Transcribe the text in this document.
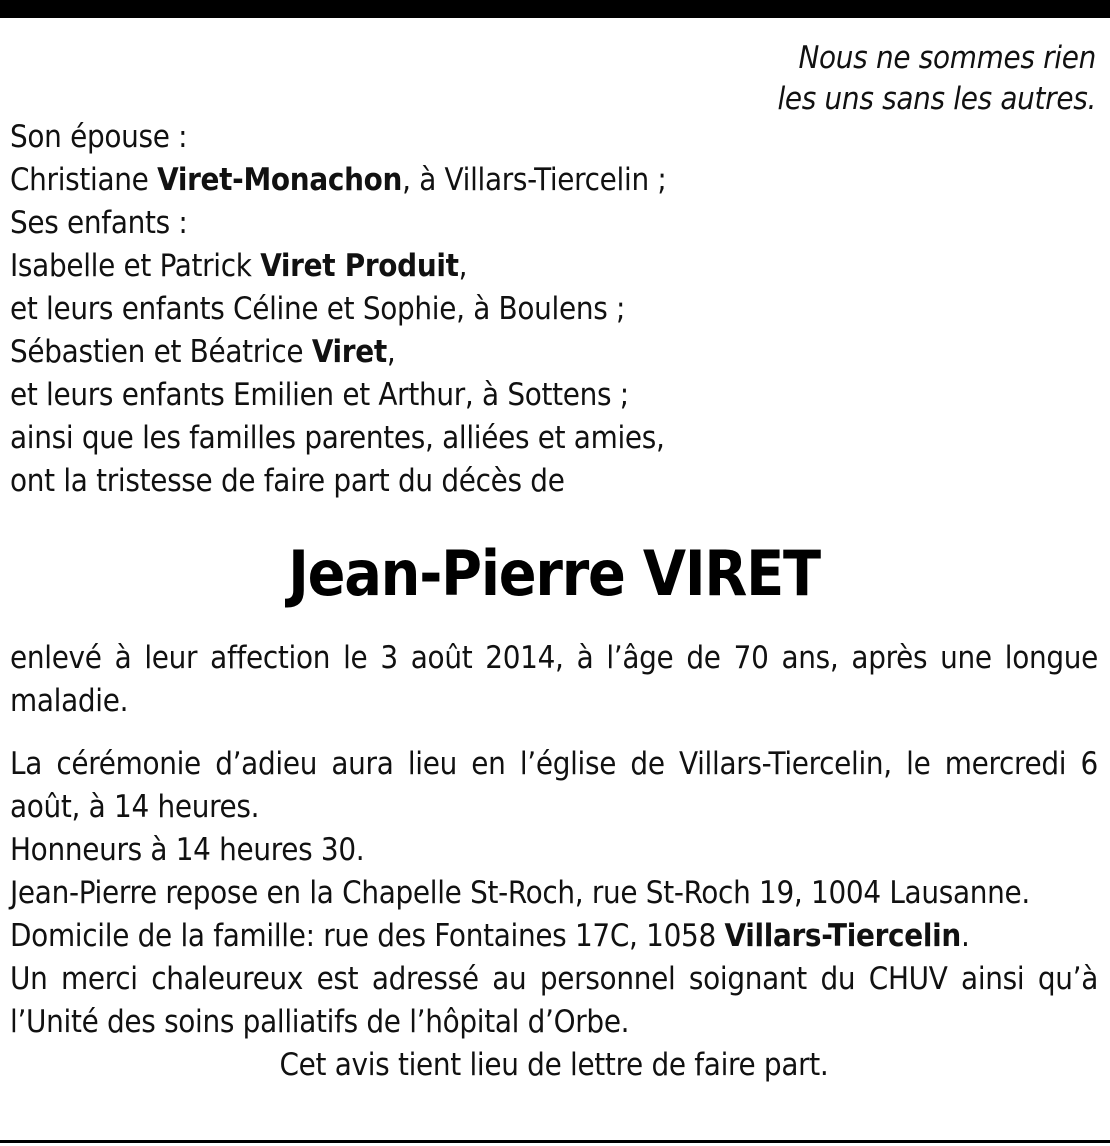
Nous ne sommes rien
les uns sans les autres.
Son épouse :
Christiane Viret-Monachon, à Villars-Tiercelin ;
Ses enfants :
Isabelle et Patrick Viret Produit,
et leurs enfants Céline et Sophie, à Boulens ;
Sébastien et Béatrice Viret,
et leurs enfants Emilien et Arthur, à Sottens ;
ainsi que les familles parentes, alliées et amies,
ont la tristesse de faire part du décès de
Jean-Pierre VIRET
enlevé à leur affection le 3 août 2014, à l’âge de 70 ans, après une longue maladie.
La cérémonie d’adieu aura lieu en l’église de Villars-Tiercelin, le mercredi 6 août, à 14 heures.
Honneurs à 14 heures 30.
Jean-Pierre repose en la Chapelle St-Roch, rue St-Roch 19, 1004 Lausanne.
Domicile de la famille: rue des Fontaines 17C, 1058 Villars-Tiercelin.
Un merci chaleureux est adressé au personnel soignant du CHUV ainsi qu’à l’Unité des soins palliatifs de l’hôpital d’Orbe.
Cet avis tient lieu de lettre de faire part.
